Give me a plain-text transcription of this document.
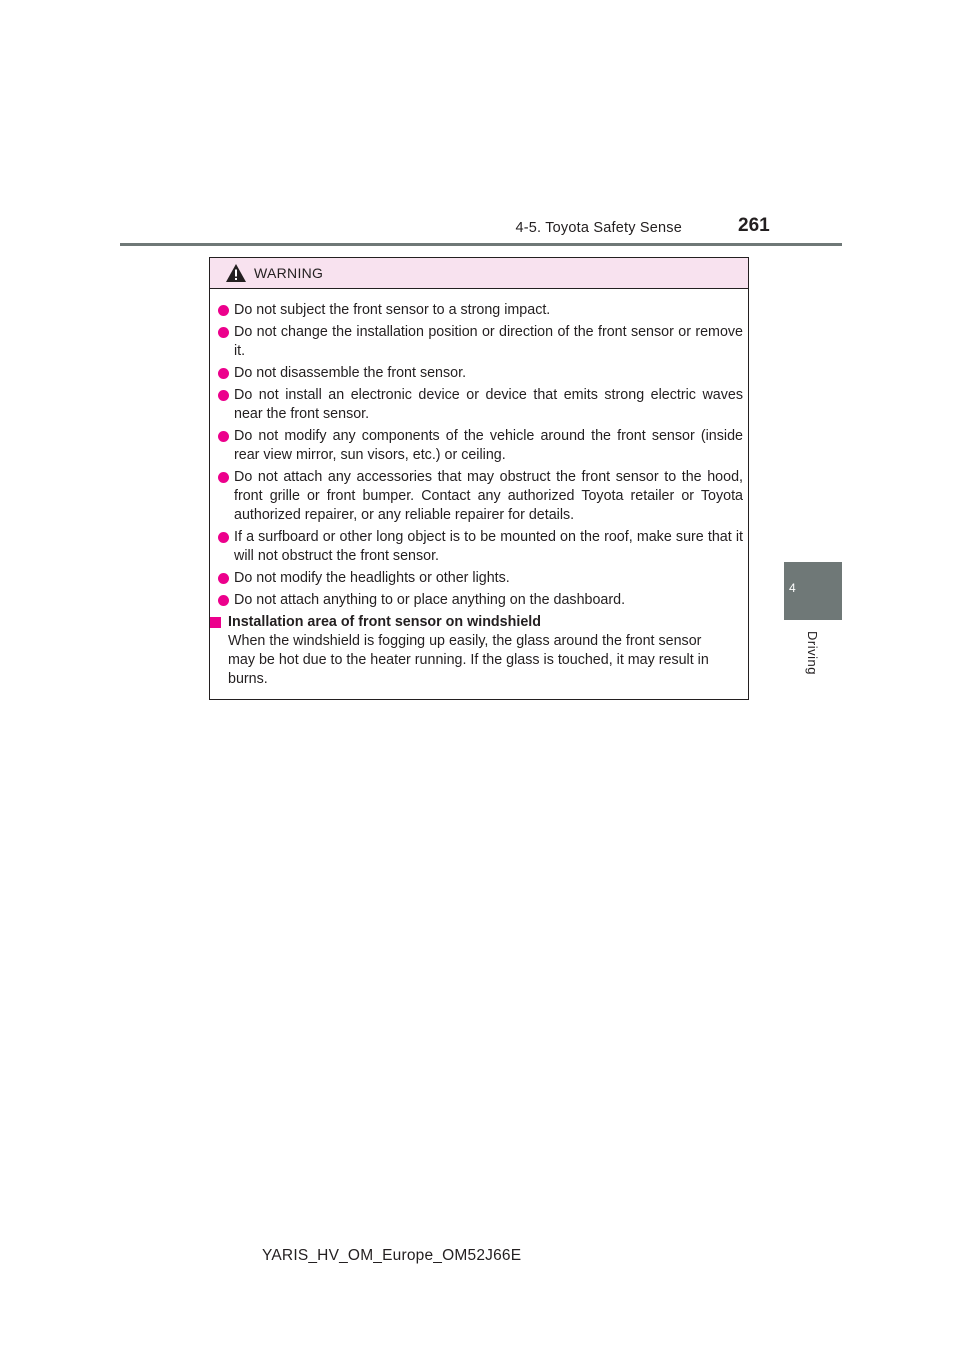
4-5. Toyota Safety Sense	261
4
Driving
WARNING
Do not subject the front sensor to a strong impact.
Do not change the installation position or direction of the front sensor or remove it.
Do not disassemble the front sensor.
Do not install an electronic device or device that emits strong electric waves near the front sensor.
Do not modify any components of the vehicle around the front sensor (inside rear view mirror, sun visors, etc.) or ceiling.
Do not attach any accessories that may obstruct the front sensor to the hood, front grille or front bumper. Contact any authorized Toyota retailer or Toyota authorized repairer, or any reliable repairer for details.
If a surfboard or other long object is to be mounted on the roof, make sure that it will not obstruct the front sensor.
Do not modify the headlights or other lights.
Do not attach anything to or place anything on the dashboard.
Installation area of front sensor on windshield
When the windshield is fogging up easily, the glass around the front sensor
may be hot due to the heater running. If the glass is touched, it may result in
burns.
YARIS_HV_OM_Europe_OM52J66E
